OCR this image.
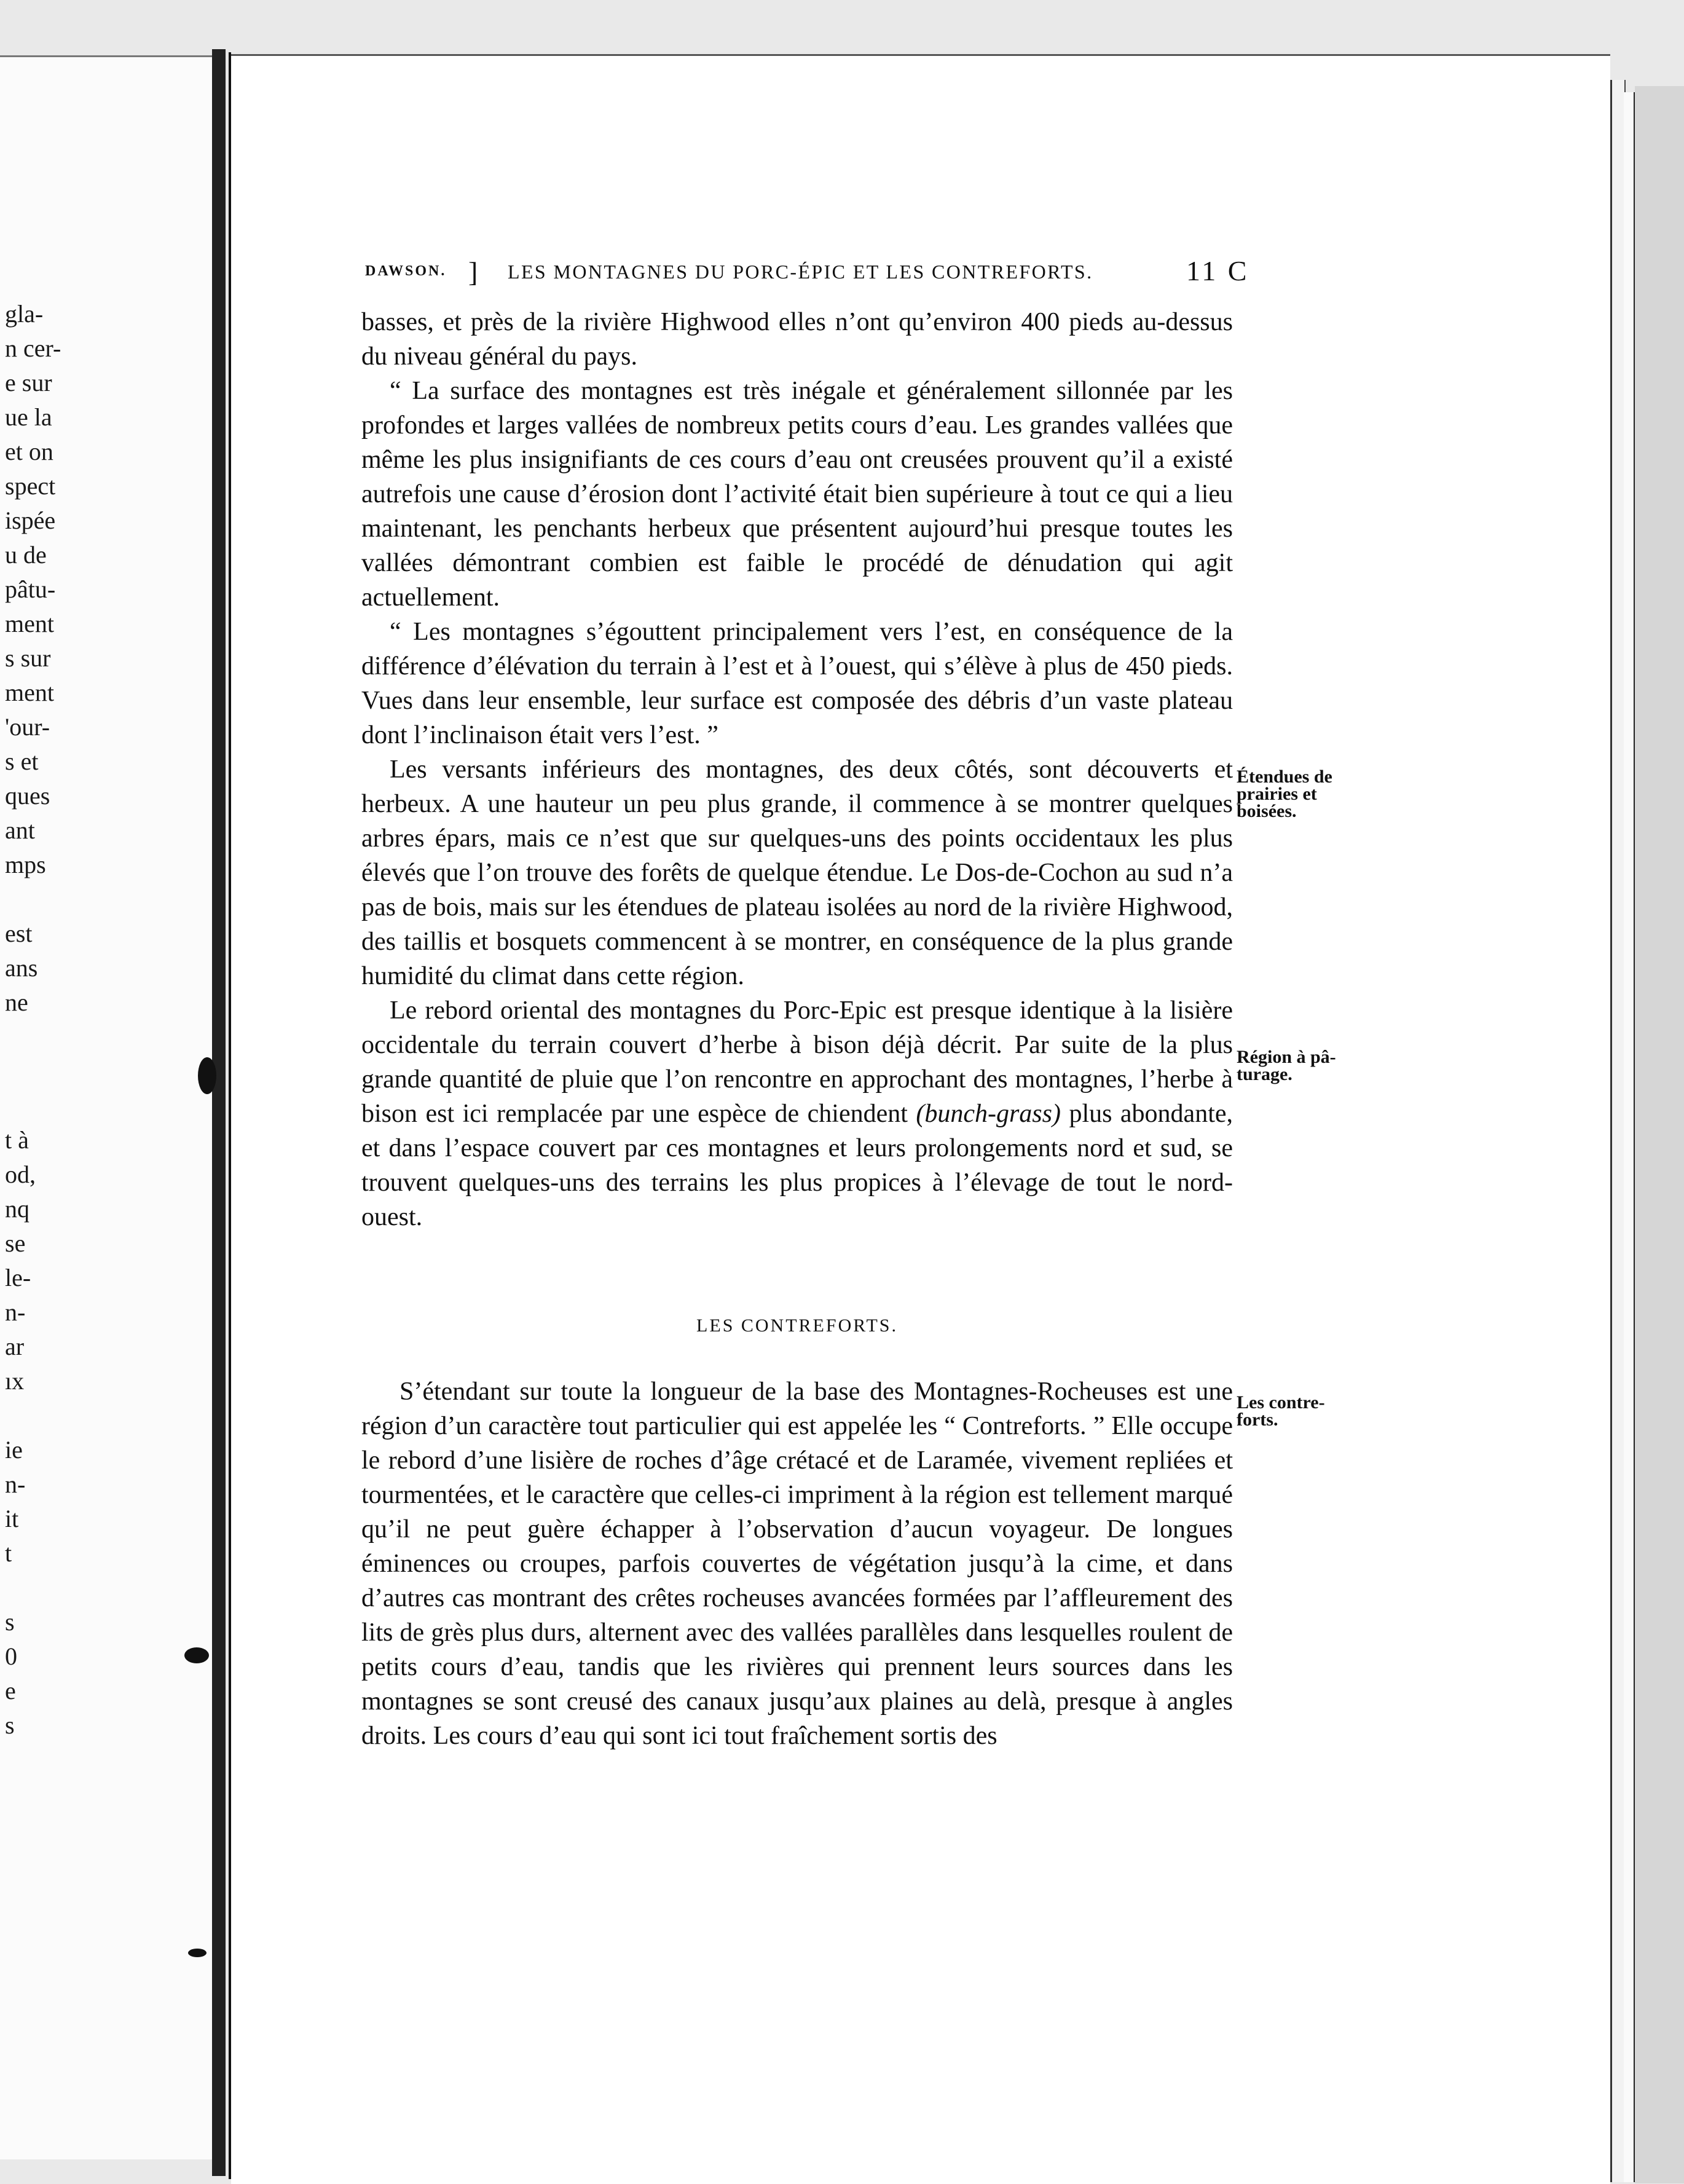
gla-
n cer-
e sur
ue la
et on
spect
ispée
u de
pâtu-
ment
s sur
ment
'our-
s et
ques
ant
mps
est
ans
ne
t à
od,
nq
se
le-
n-
ar
ıx
ie
n-
it
t
s
0
e
s

DAWSON. ] LES MONTAGNES DU PORC-ÉPIC ET LES CONTREFORTS.	11 C

basses, et près de la rivière Highwood elles n’ont qu’environ 400 pieds au-dessus du niveau général du pays.

“ La surface des montagnes est très inégale et généralement sillonnée par les profondes et larges vallées de nombreux petits cours d’eau. Les grandes vallées que même les plus insignifiants de ces cours d’eau ont creusées prouvent qu’il a existé autrefois une cause d’érosion dont l’activité était bien supérieure à tout ce qui a lieu maintenant, les penchants herbeux que présentent aujourd’hui presque toutes les vallées démontrant combien est faible le procédé de dénudation qui agit actuellement.

“ Les montagnes s’égouttent principalement vers l’est, en conséquence de la différence d’élévation du terrain à l’est et à l’ouest, qui s’élève à plus de 450 pieds. Vues dans leur ensemble, leur surface est composée des débris d’un vaste plateau dont l’inclinaison était vers l’est. ”

Les versants inférieurs des montagnes, des deux côtés, sont découverts et herbeux. A une hauteur un peu plus grande, il commence à se montrer quelques arbres épars, mais ce n’est que sur quelques-uns des points occidentaux les plus élevés que l’on trouve des forêts de quelque étendue. Le Dos-de-Cochon au sud n’a pas de bois, mais sur les étendues de plateau isolées au nord de la rivière Highwood, des taillis et bosquets commencent à se montrer, en conséquence de la plus grande humidité du climat dans cette région.

Le rebord oriental des montagnes du Porc-Epic est presque identique à la lisière occidentale du terrain couvert d’herbe à bison déjà décrit. Par suite de la plus grande quantité de pluie que l’on rencontre en approchant des montagnes, l’herbe à bison est ici remplacée par une espèce de chiendent (bunch-grass) plus abondante, et dans l’espace couvert par ces montagnes et leurs prolongements nord et sud, se trouvent quelques-uns des terrains les plus propices à l’élevage de tout le nord-ouest.

LES CONTREFORTS.

S’étendant sur toute la longueur de la base des Montagnes-Rocheuses est une région d’un caractère tout particulier qui est appelée les “ Contreforts. ” Elle occupe le rebord d’une lisière de roches d’âge crétacé et de Laramée, vivement repliées et tourmentées, et le caractère que celles-ci impriment à la région est tellement marqué qu’il ne peut guère échapper à l’observation d’aucun voyageur. De longues éminences ou croupes, parfois couvertes de végétation jusqu’à la cime, et dans d’autres cas montrant des crêtes rocheuses avancées formées par l’affleurement des lits de grès plus durs, alternent avec des vallées parallèles dans lesquelles roulent de petits cours d’eau, tandis que les rivières qui prennent leurs sources dans les montagnes se sont creusé des canaux jusqu’aux plaines au delà, presque à angles droits. Les cours d’eau qui sont ici tout fraîchement sortis des

Étendues de
prairies et
boisées.
Région à pâ-
turage.
Les contre-
forts.
